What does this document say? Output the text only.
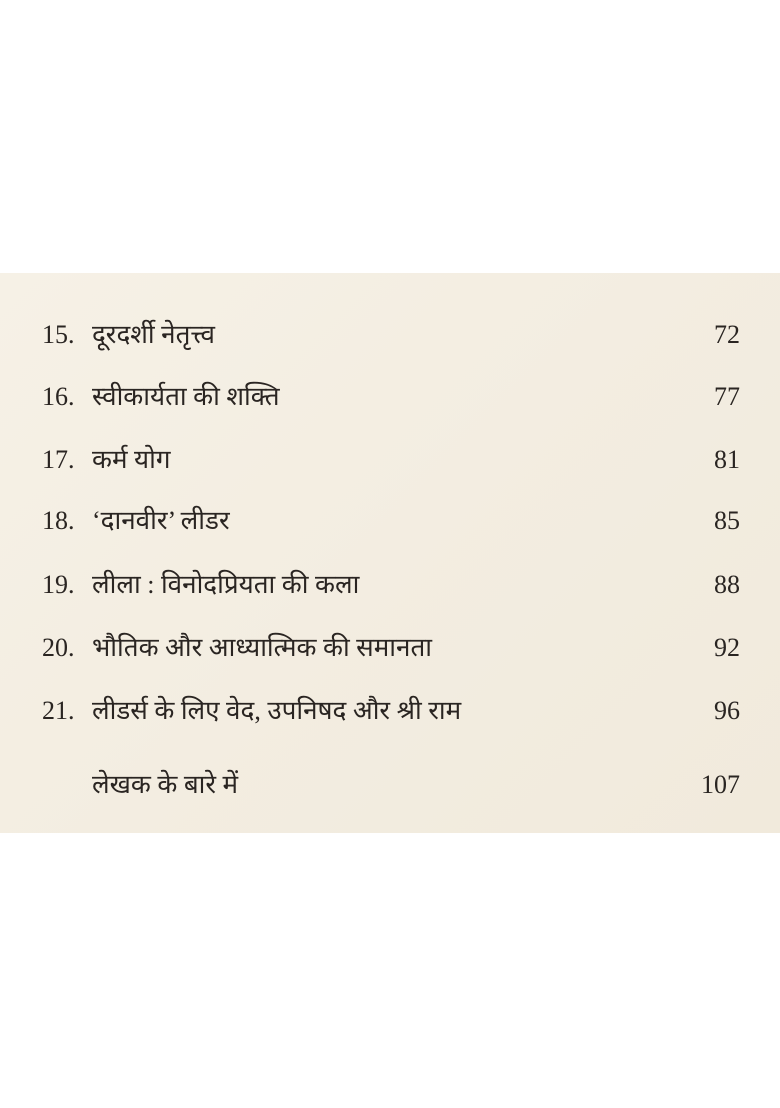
15. दूरदर्शी नेतृत्त्व	72
16. स्वीकार्यता की शक्ति	77
17. कर्म योग	81
18. ‘दानवीर’ लीडर	85
19. लीला : विनोदप्रियता की कला	88
20. भौतिक और आध्यात्मिक की समानता	92
21. लीडर्स के लिए वेद, उपनिषद और श्री राम	96
लेखक के बारे में	107
